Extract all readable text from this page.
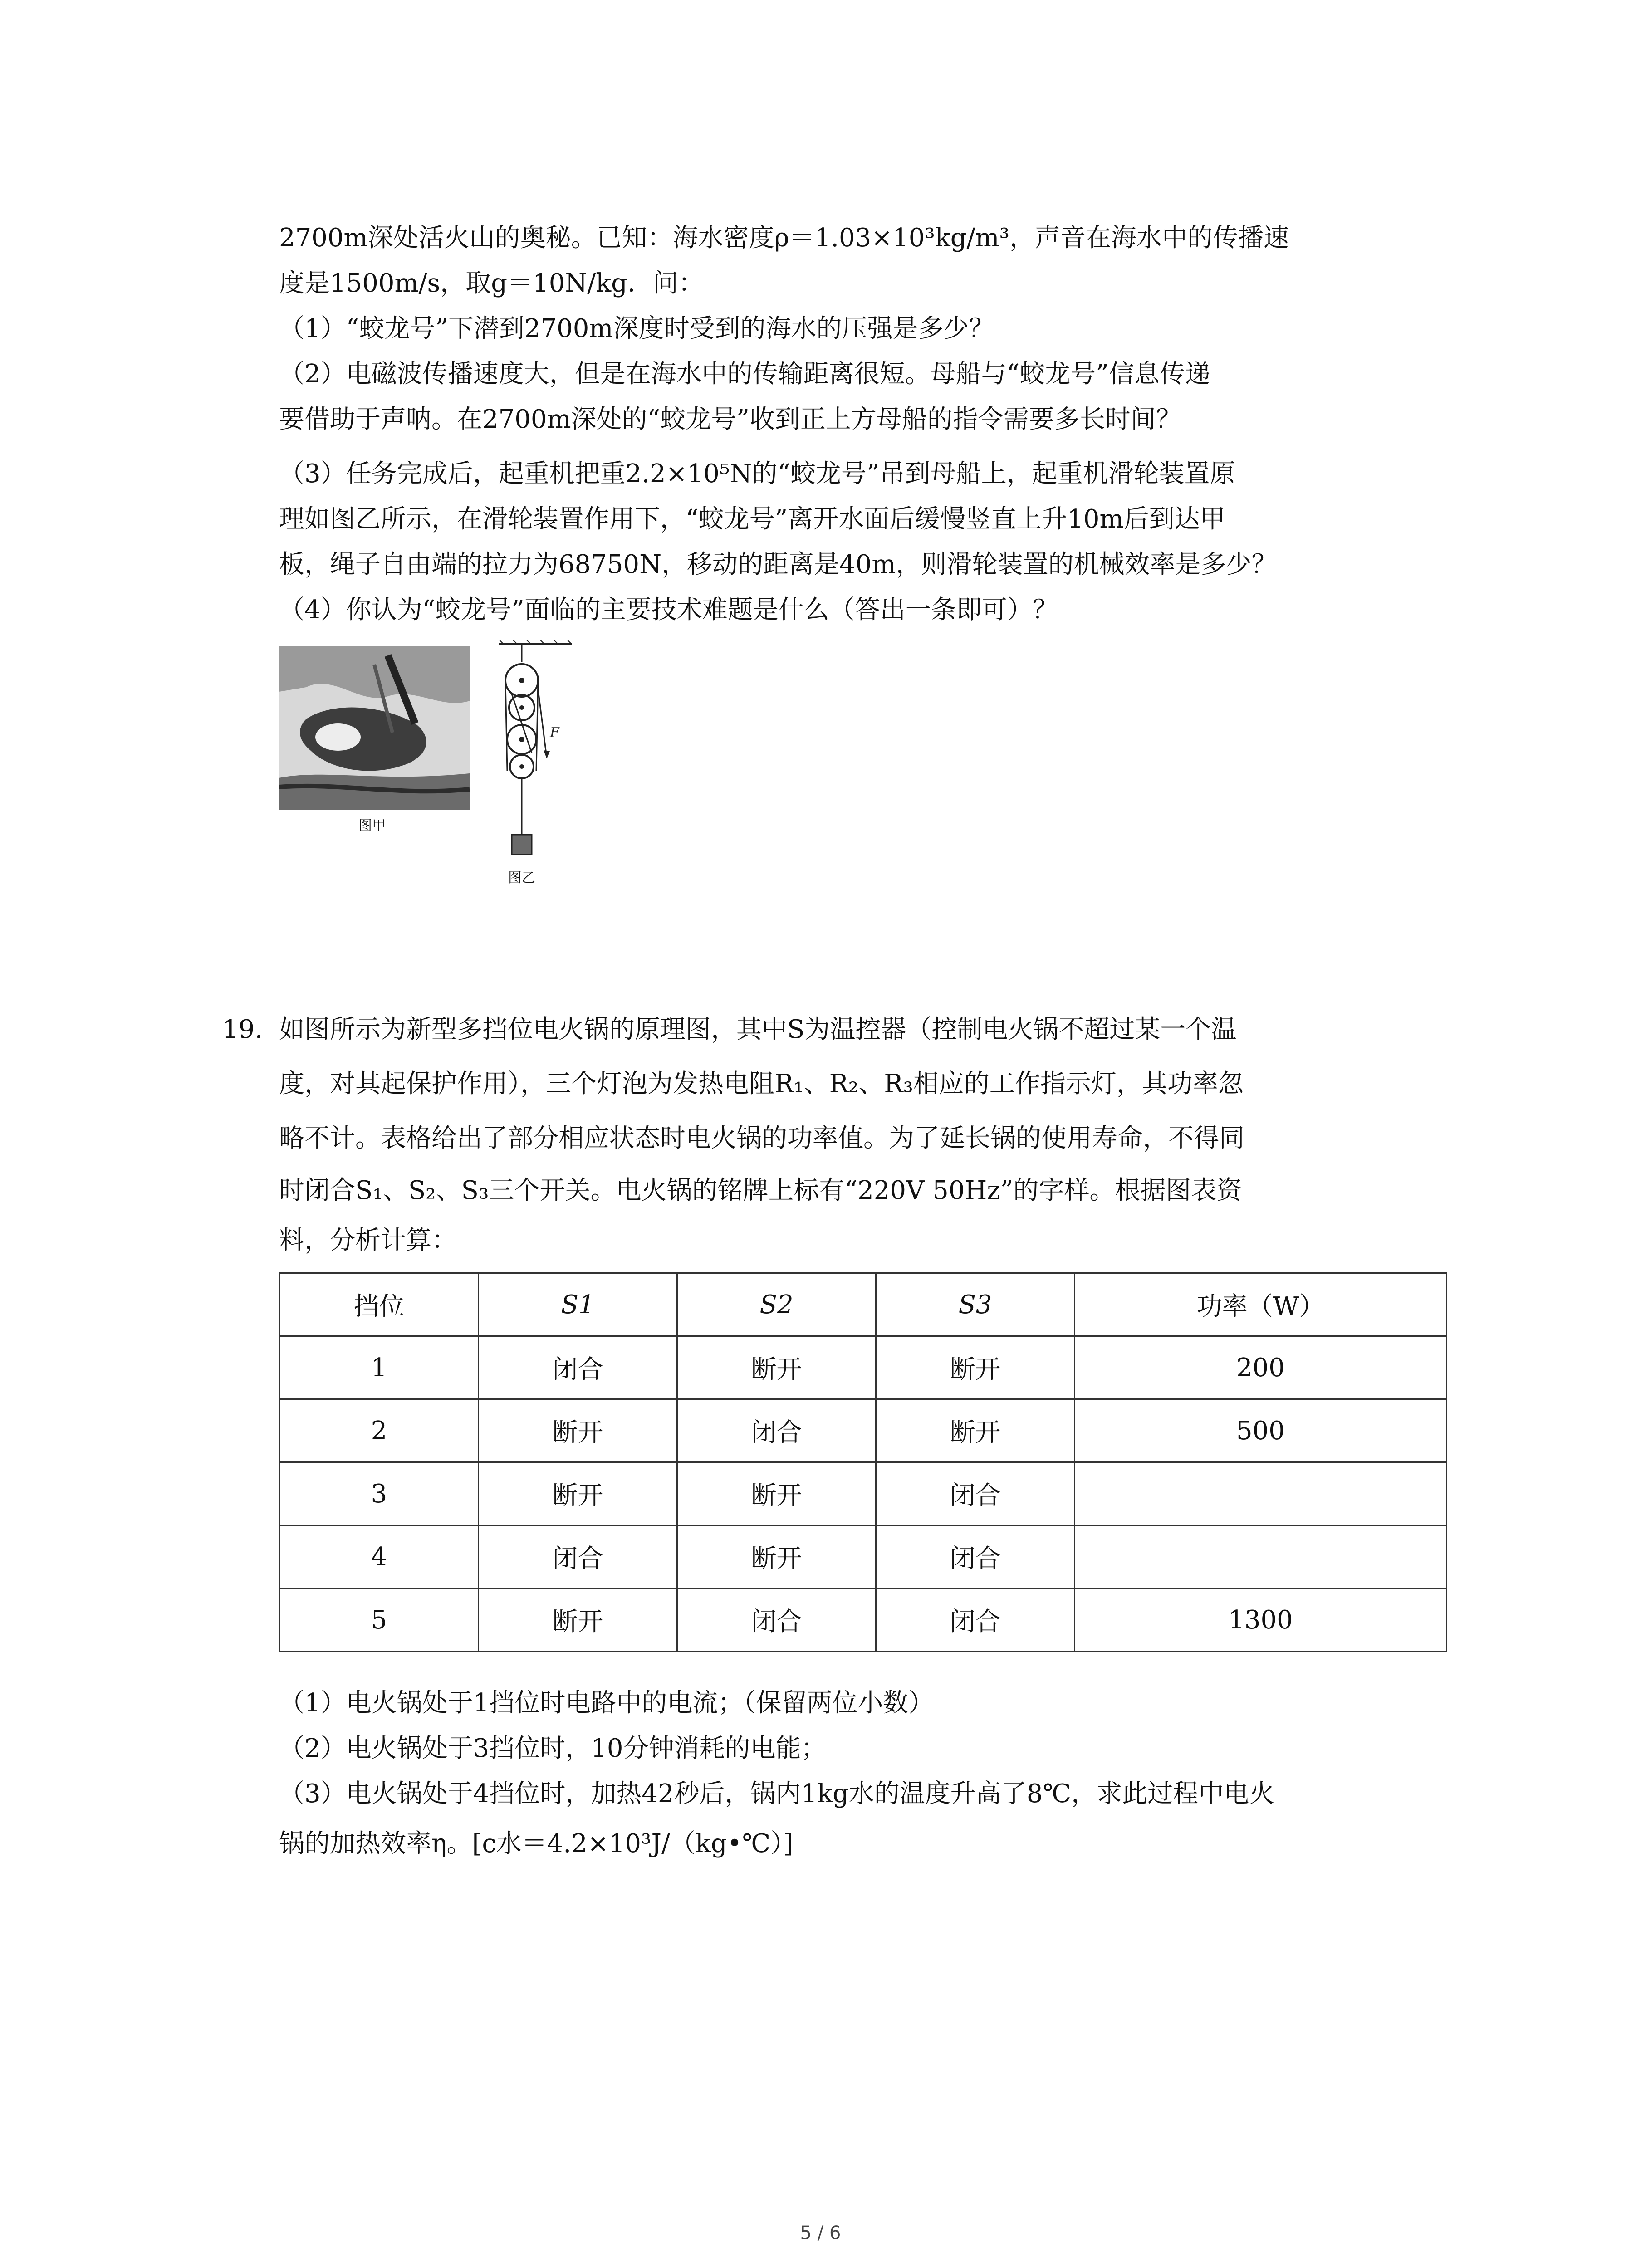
2700m深处活火山的奥秘。已知：海水密度ρ＝1.03×10³kg/m³，声音在海水中的传播速
度是1500m/s，取g＝10N/kg．问：
（1）“蛟龙号”下潜到2700m深度时受到的海水的压强是多少？
（2）电磁波传播速度大，但是在海水中的传输距离很短。母船与“蛟龙号”信息传递
要借助于声呐。在2700m深处的“蛟龙号”收到正上方母船的指令需要多长时间？
（3）任务完成后，起重机把重2.2×10⁵N的“蛟龙号”吊到母船上，起重机滑轮装置原
理如图乙所示，在滑轮装置作用下，“蛟龙号”离开水面后缓慢竖直上升10m后到达甲
板，绳子自由端的拉力为68750N，移动的距离是40m，则滑轮装置的机械效率是多少？
（4）你认为“蛟龙号”面临的主要技术难题是什么（答出一条即可）？
图甲
F
图乙
19. 如图所示为新型多挡位电火锅的原理图，其中S为温控器（控制电火锅不超过某一个温
度，对其起保护作用），三个灯泡为发热电阻R₁、R₂、R₃相应的工作指示灯，其功率忽
略不计。表格给出了部分相应状态时电火锅的功率值。为了延长锅的使用寿命，不得同
时闭合S₁、S₂、S₃三个开关。电火锅的铭牌上标有“220V 50Hz”的字样。根据图表资
料，分析计算：
挡位	S1	S2	S3	功率（W）
1	闭合	断开	断开	200
2	断开	闭合	断开	500
3	断开	断开	闭合	
4	闭合	断开	闭合	
5	断开	闭合	闭合	1300
（1）电火锅处于1挡位时电路中的电流；（保留两位小数）
（2）电火锅处于3挡位时，10分钟消耗的电能；
（3）电火锅处于4挡位时，加热42秒后，锅内1kg水的温度升高了8℃，求此过程中电火
锅的加热效率η。[c水＝4.2×10³J/（kg•℃）]
5 / 6
